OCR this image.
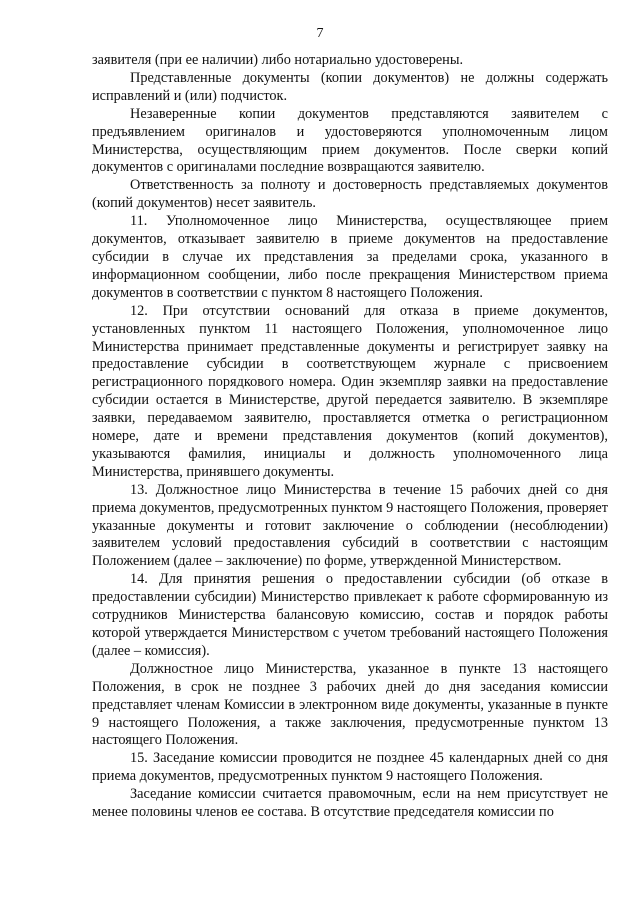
7

заявителя (при ее наличии) либо нотариально удостоверены.

Представленные документы (копии документов) не должны содержать исправлений и (или) подчисток.

Незаверенные копии документов представляются заявителем с предъявлением оригиналов и удостоверяются уполномоченным лицом Министерства, осуществляющим прием документов. После сверки копий документов с оригиналами последние возвращаются заявителю.

Ответственность за полноту и достоверность представляемых документов (копий документов) несет заявитель.

11. Уполномоченное лицо Министерства, осуществляющее прием документов, отказывает заявителю в приеме документов на предоставление субсидии в случае их представления за пределами срока, указанного в информационном сообщении, либо после прекращения Министерством приема документов в соответствии с пунктом 8 настоящего Положения.

12. При отсутствии оснований для отказа в приеме документов, установленных пунктом 11 настоящего Положения, уполномоченное лицо Министерства принимает представленные документы и регистрирует заявку на предоставление субсидии в соответствующем журнале с присвоением регистрационного порядкового номера. Один экземпляр заявки на предоставление субсидии остается в Министерстве, другой передается заявителю. В экземпляре заявки, передаваемом заявителю, проставляется отметка о регистрационном номере, дате и времени представления документов (копий документов), указываются фамилия, инициалы и должность уполномоченного лица Министерства, принявшего документы.

13. Должностное лицо Министерства в течение 15 рабочих дней со дня приема документов, предусмотренных пунктом 9 настоящего Положения, проверяет указанные документы и готовит заключение о соблюдении (несоблюдении) заявителем условий предоставления субсидий в соответствии с настоящим Положением (далее – заключение) по форме, утвержденной Министерством.

14. Для принятия решения о предоставлении субсидии (об отказе в предоставлении субсидии) Министерство привлекает к работе сформированную из сотрудников Министерства балансовую комиссию, состав и порядок работы которой утверждается Министерством с учетом требований настоящего Положения (далее – комиссия).

Должностное лицо Министерства, указанное в пункте 13 настоящего Положения, в срок не позднее 3 рабочих дней до дня заседания комиссии представляет членам Комиссии в электронном виде документы, указанные в пункте 9 настоящего Положения, а также заключения, предусмотренные пунктом 13 настоящего Положения.

15. Заседание комиссии проводится не позднее 45 календарных дней со дня приема документов, предусмотренных пунктом 9 настоящего Положения.

Заседание комиссии считается правомочным, если на нем присутствует не менее половины членов ее состава. В отсутствие председателя комиссии по
